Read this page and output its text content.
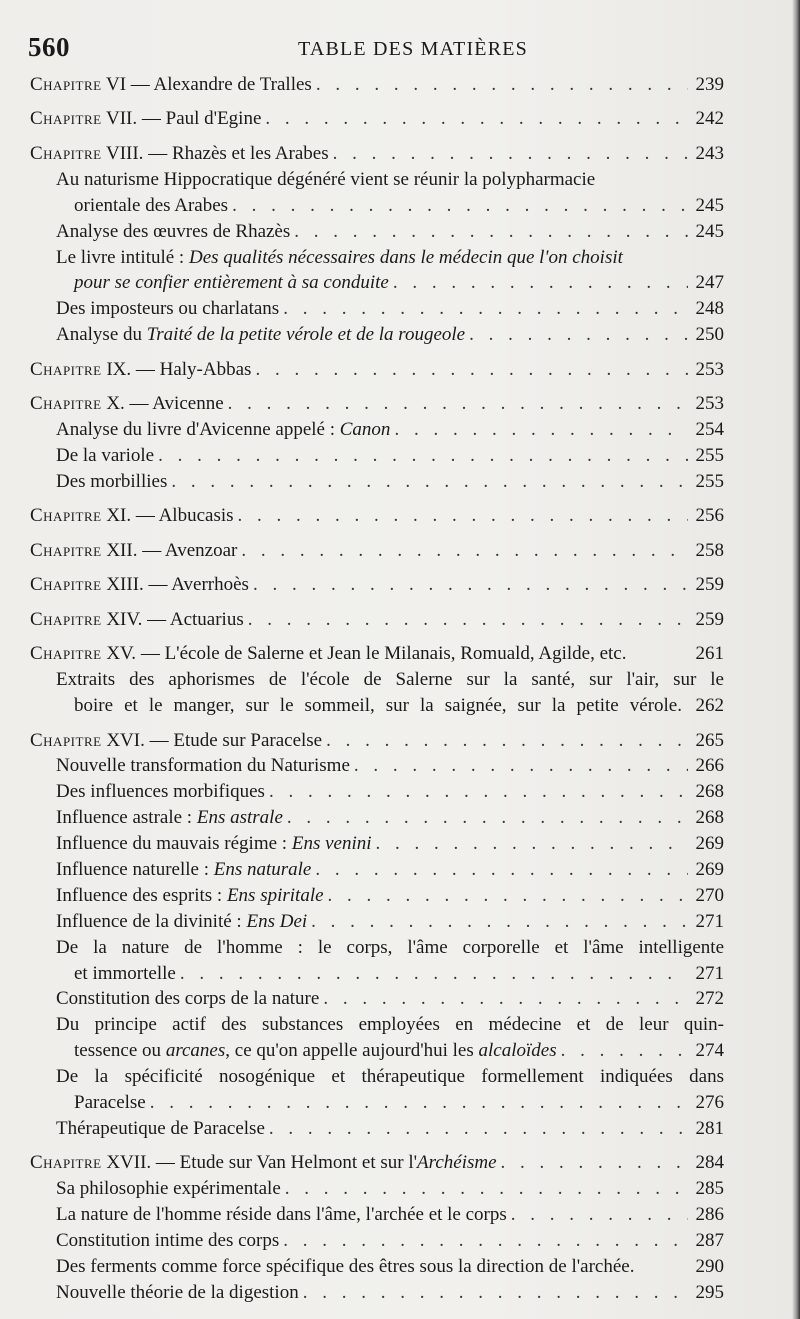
560	TABLE DES MATIÈRES
Chapitre VI — Alexandre de Tralles . . .	239
Chapitre VII. — Paul d'Egine . . .	242
Chapitre VIII. — Rhazès et les Arabes . . .	243
Au naturisme Hippocratique dégénéré vient se réunir la polypharmacie
orientale des Arabes . . .	245
Analyse des œuvres de Rhazès . . .	245
Le livre intitulé : Des qualités nécessaires dans le médecin que l'on choisit
pour se confier entièrement à sa conduite . . .	247
Des imposteurs ou charlatans . . .	248
Analyse du Traité de la petite vérole et de la rougeole . . .	250
Chapitre IX. — Haly-Abbas . . .	253
Chapitre X. — Avicenne . . .	253
Analyse du livre d'Avicenne appelé : Canon . . .	254
De la variole . . .	255
Des morbillies . . .	255
Chapitre XI. — Albucasis . . .	256
Chapitre XII. — Avenzoar . . .	258
Chapitre XIII. — Averrhoès . . .	259
Chapitre XIV. — Actuarius . . .	259
Chapitre XV. — L'école de Salerne et Jean le Milanais, Romuald, Agilde, etc.	261
Extraits des aphorismes de l'école de Salerne sur la santé, sur l'air, sur le
boire et le manger, sur le sommeil, sur la saignée, sur la petite vérole. 262
Chapitre XVI. — Etude sur Paracelse . . .	265
Nouvelle transformation du Naturisme . . .	266
Des influences morbifiques . . .	268
Influence astrale : Ens astrale . . .	268
Influence du mauvais régime : Ens venini . . .	269
Influence naturelle : Ens naturale . . .	269
Influence des esprits : Ens spiritale . . .	270
Influence de la divinité : Ens Dei . . .	271
De la nature de l'homme : le corps, l'âme corporelle et l'âme intelligente
et immortelle . . .	271
Constitution des corps de la nature . . .	272
Du principe actif des substances employées en médecine et de leur quin-
tessence ou arcanes, ce qu'on appelle aujourd'hui les alcaloïdes . . .	274
De la spécificité nosogénique et thérapeutique formellement indiquées dans
Paracelse . . .	276
Thérapeutique de Paracelse . . .	281
Chapitre XVII. — Etude sur Van Helmont et sur l'Archéisme . . .	284
Sa philosophie expérimentale . . .	285
La nature de l'homme réside dans l'âme, l'archée et le corps . . .	286
Constitution intime des corps . . .	287
Des ferments comme force spécifique des êtres sous la direction de l'archée.	290
Nouvelle théorie de la digestion . . .	295
